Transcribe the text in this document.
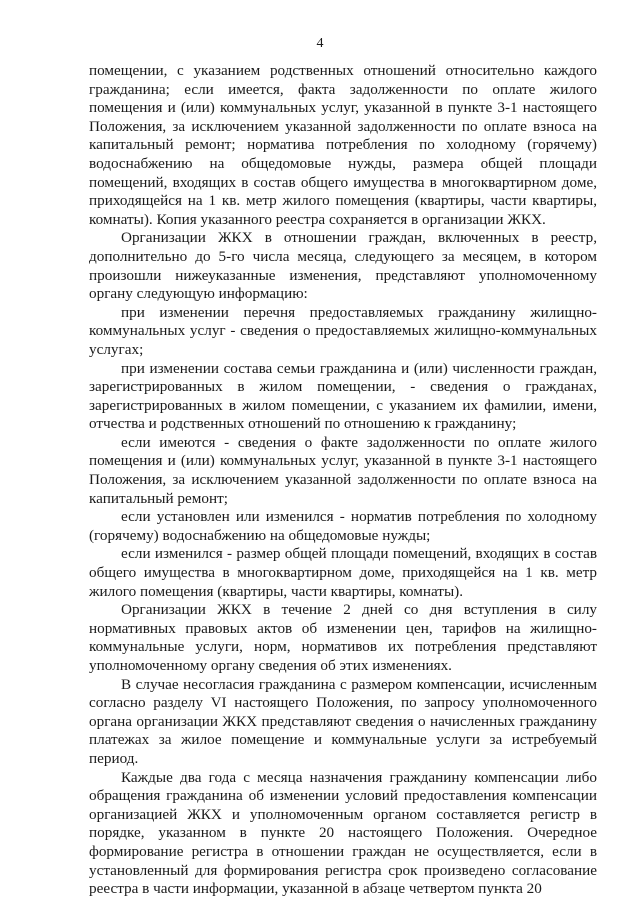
4

помещении, с указанием родственных отношений относительно каждого гражданина; если имеется, факта задолженности по оплате жилого помещения и (или) коммунальных услуг, указанной в пункте 3-1 настоящего Положения, за исключением указанной задолженности по оплате взноса на капитальный ремонт; норматива потребления по холодному (горячему) водоснабжению на общедомовые нужды, размера общей площади помещений, входящих в состав общего имущества в многоквартирном доме, приходящейся на 1 кв. метр жилого помещения (квартиры, части квартиры, комнаты). Копия указанного реестра сохраняется в организации ЖКХ.

Организации ЖКХ в отношении граждан, включенных в реестр, дополнительно до 5-го числа месяца, следующего за месяцем, в котором произошли нижеуказанные изменения, представляют уполномоченному органу следующую информацию:

при изменении перечня предоставляемых гражданину жилищно-коммунальных услуг - сведения о предоставляемых жилищно-коммунальных услугах;

при изменении состава семьи гражданина и (или) численности граждан, зарегистрированных в жилом помещении, - сведения о гражданах, зарегистрированных в жилом помещении, с указанием их фамилии, имени, отчества и родственных отношений по отношению к гражданину;

если имеются - сведения о факте задолженности по оплате жилого помещения и (или) коммунальных услуг, указанной в пункте 3-1 настоящего Положения, за исключением указанной задолженности по оплате взноса на капитальный ремонт;

если установлен или изменился - норматив потребления по холодному (горячему) водоснабжению на общедомовые нужды;

если изменился - размер общей площади помещений, входящих в состав общего имущества в многоквартирном доме, приходящейся на 1 кв. метр жилого помещения (квартиры, части квартиры, комнаты).

Организации ЖКХ в течение 2 дней со дня вступления в силу нормативных правовых актов об изменении цен, тарифов на жилищно-коммунальные услуги, норм, нормативов их потребления представляют уполномоченному органу сведения об этих изменениях.

В случае несогласия гражданина с размером компенсации, исчисленным согласно разделу VI настоящего Положения, по запросу уполномоченного органа организации ЖКХ представляют сведения о начисленных гражданину платежах за жилое помещение и коммунальные услуги за истребуемый период.

Каждые два года с месяца назначения гражданину компенсации либо обращения гражданина об изменении условий предоставления компенсации организацией ЖКХ и уполномоченным органом составляется регистр в порядке, указанном в пункте 20 настоящего Положения. Очередное формирование регистра в отношении граждан не осуществляется, если в установленный для формирования регистра срок произведено согласование реестра в части информации, указанной в абзаце четвертом пункта 20
